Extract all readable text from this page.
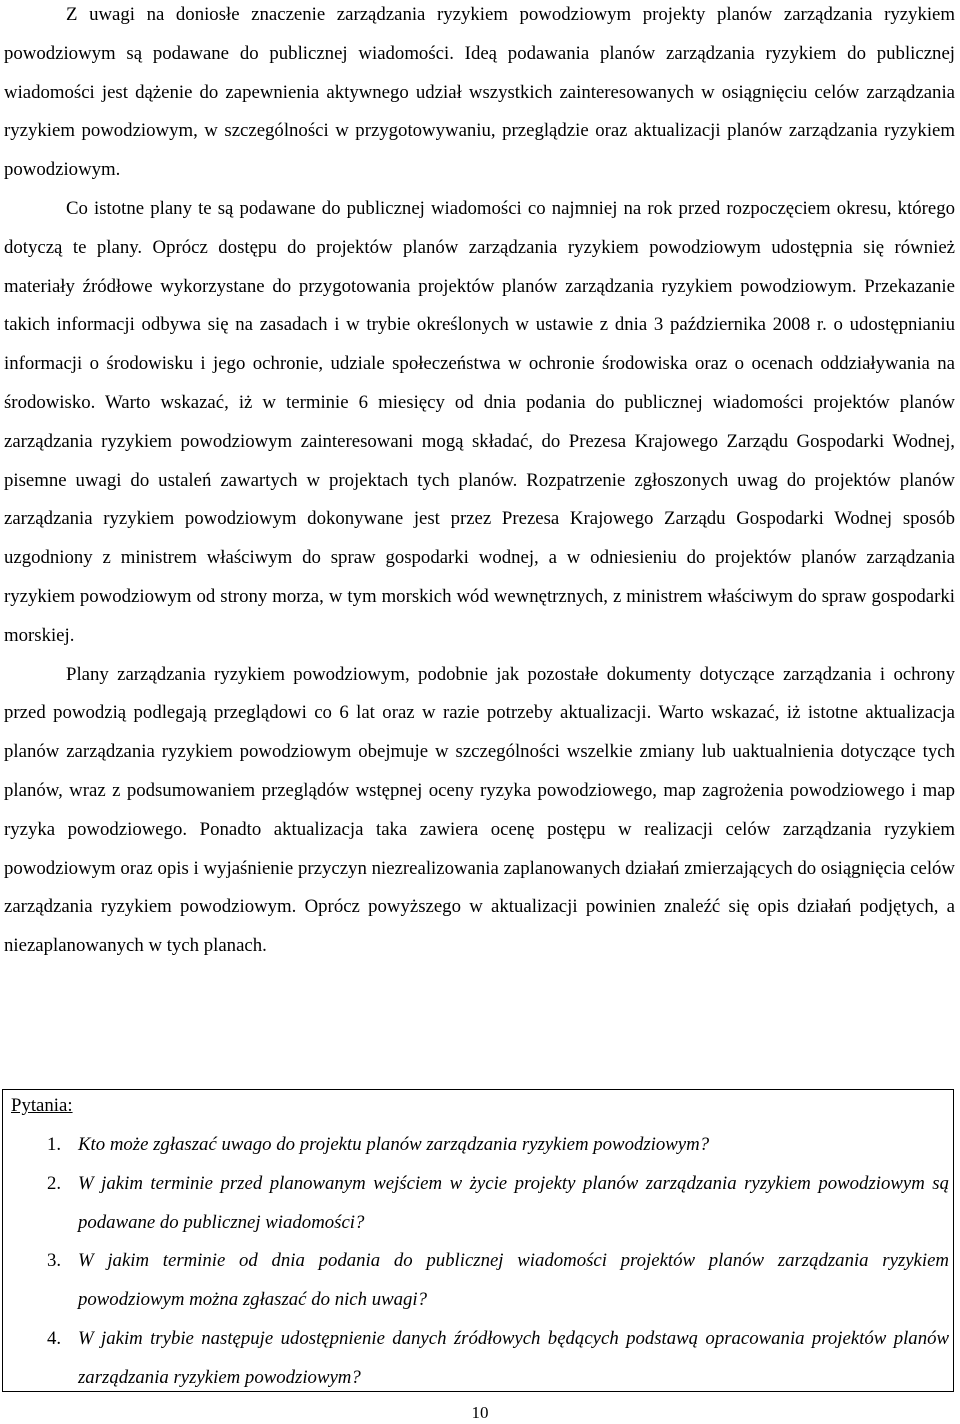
Z uwagi na doniosłe znaczenie zarządzania ryzykiem powodziowym projekty planów zarządzania ryzykiem powodziowym są podawane do publicznej wiadomości. Ideą podawania planów zarządzania ryzykiem do publicznej wiadomości jest dążenie do zapewnienia aktywnego udział wszystkich zainteresowanych w osiągnięciu celów zarządzania ryzykiem powodziowym, w szczególności w przygotowywaniu, przeglądzie oraz aktualizacji planów zarządzania ryzykiem powodziowym.

Co istotne plany te są podawane do publicznej wiadomości co najmniej na rok przed rozpoczęciem okresu, którego dotyczą te plany. Oprócz dostępu do projektów planów zarządzania ryzykiem powodziowym udostępnia się również materiały źródłowe wykorzystane do przygotowania projektów planów zarządzania ryzykiem powodziowym. Przekazanie takich informacji odbywa się na zasadach i w trybie określonych w ustawie z dnia 3 października 2008 r. o udostępnianiu informacji o środowisku i jego ochronie, udziale społeczeństwa w ochronie środowiska oraz o ocenach oddziaływania na środowisko. Warto wskazać, iż w terminie 6 miesięcy od dnia podania do publicznej wiadomości projektów planów zarządzania ryzykiem powodziowym zainteresowani mogą składać, do Prezesa Krajowego Zarządu Gospodarki Wodnej, pisemne uwagi do ustaleń zawartych w projektach tych planów. Rozpatrzenie zgłoszonych uwag do projektów planów zarządzania ryzykiem powodziowym dokonywane jest przez Prezesa Krajowego Zarządu Gospodarki Wodnej sposób uzgodniony z ministrem właściwym do spraw gospodarki wodnej, a w odniesieniu do projektów planów zarządzania ryzykiem powodziowym od strony morza, w tym morskich wód wewnętrznych, z ministrem właściwym do spraw gospodarki morskiej.

Plany zarządzania ryzykiem powodziowym, podobnie jak pozostałe dokumenty dotyczące zarządzania i ochrony przed powodzią podlegają przeglądowi co 6 lat oraz w razie potrzeby aktualizacji. Warto wskazać, iż istotne aktualizacja planów zarządzania ryzykiem powodziowym obejmuje w szczególności wszelkie zmiany lub uaktualnienia dotyczące tych planów, wraz z podsumowaniem przeglądów wstępnej oceny ryzyka powodziowego, map zagrożenia powodziowego i map ryzyka powodziowego. Ponadto aktualizacja taka zawiera ocenę postępu w realizacji celów zarządzania ryzykiem powodziowym oraz opis i wyjaśnienie przyczyn niezrealizowania zaplanowanych działań zmierzających do osiągnięcia celów zarządzania ryzykiem powodziowym. Oprócz powyższego w aktualizacji powinien znaleźć się opis działań podjętych, a niezaplanowanych w tych planach.

Pytania:
1. Kto może zgłaszać uwago do projektu planów zarządzania ryzykiem powodziowym?
2. W jakim terminie przed planowanym wejściem w życie projekty planów zarządzania ryzykiem powodziowym są podawane do publicznej wiadomości?
3. W jakim terminie od dnia podania do publicznej wiadomości projektów planów zarządzania ryzykiem powodziowym można zgłaszać do nich uwagi?
4. W jakim trybie następuje udostępnienie danych źródłowych będących podstawą opracowania projektów planów zarządzania ryzykiem powodziowym?
10
